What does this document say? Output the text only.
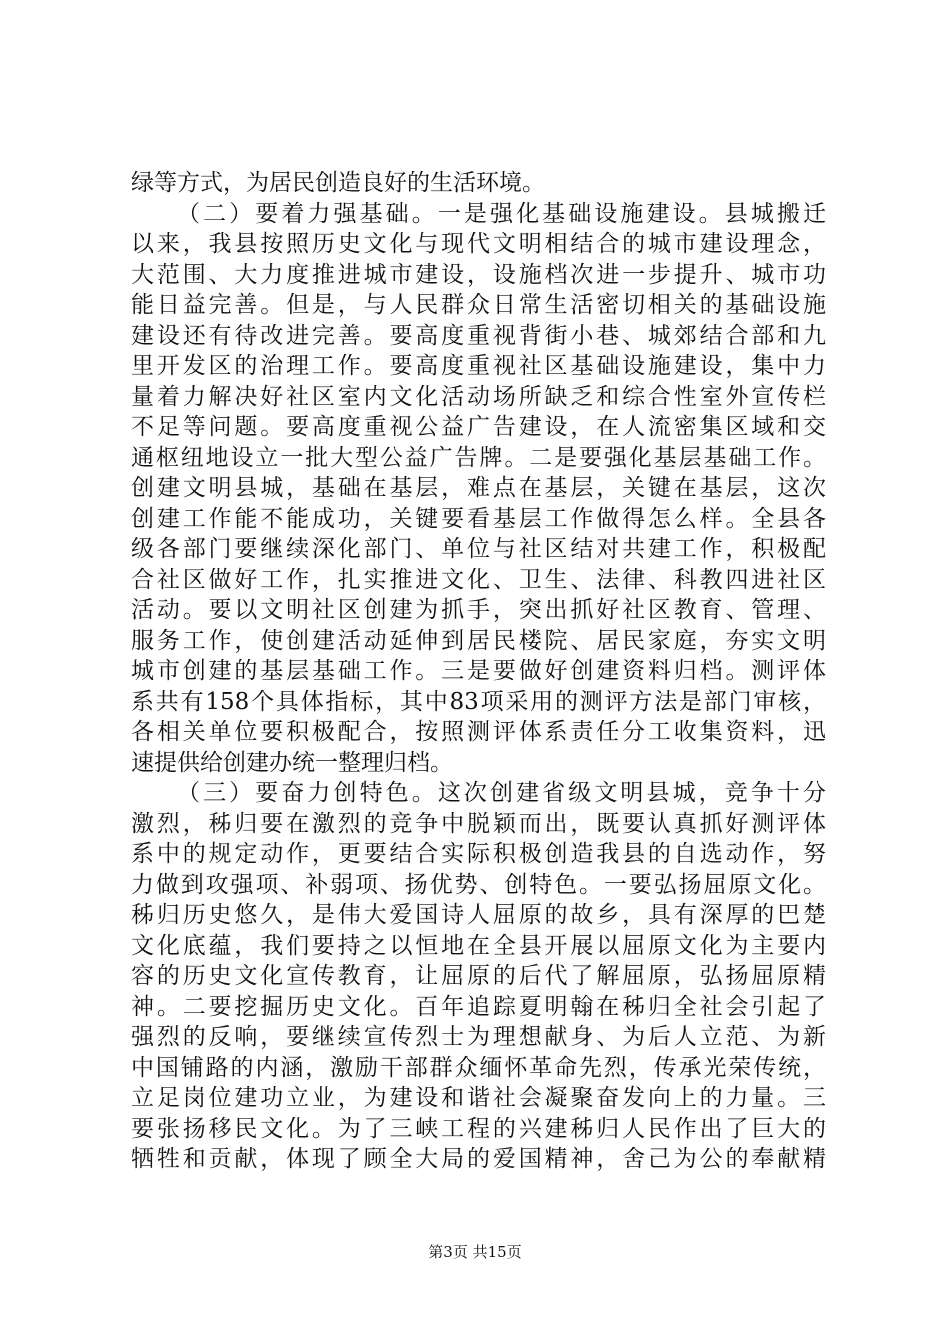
绿等方式，为居民创造良好的生活环境。
（二）要着力强基础。一是强化基础设施建设。县城搬迁
以来，我县按照历史文化与现代文明相结合的城市建设理念，
大范围、大力度推进城市建设，设施档次进一步提升、城市功
能日益完善。但是，与人民群众日常生活密切相关的基础设施
建设还有待改进完善。要高度重视背街小巷、城郊结合部和九
里开发区的治理工作。要高度重视社区基础设施建设，集中力
量着力解决好社区室内文化活动场所缺乏和综合性室外宣传栏
不足等问题。要高度重视公益广告建设，在人流密集区域和交
通枢纽地设立一批大型公益广告牌。二是要强化基层基础工作。
创建文明县城，基础在基层，难点在基层，关键在基层，这次
创建工作能不能成功，关键要看基层工作做得怎么样。全县各
级各部门要继续深化部门、单位与社区结对共建工作，积极配
合社区做好工作，扎实推进文化、卫生、法律、科教四进社区
活动。要以文明社区创建为抓手，突出抓好社区教育、管理、
服务工作，使创建活动延伸到居民楼院、居民家庭，夯实文明
城市创建的基层基础工作。三是要做好创建资料归档。测评体
系共有158个具体指标，其中83项采用的测评方法是部门审核，
各相关单位要积极配合，按照测评体系责任分工收集资料，迅
速提供给创建办统一整理归档。
（三）要奋力创特色。这次创建省级文明县城，竞争十分
激烈，秭归要在激烈的竞争中脱颖而出，既要认真抓好测评体
系中的规定动作，更要结合实际积极创造我县的自选动作，努
力做到攻强项、补弱项、扬优势、创特色。一要弘扬屈原文化。
秭归历史悠久，是伟大爱国诗人屈原的故乡，具有深厚的巴楚
文化底蕴，我们要持之以恒地在全县开展以屈原文化为主要内
容的历史文化宣传教育，让屈原的后代了解屈原，弘扬屈原精
神。二要挖掘历史文化。百年追踪夏明翰在秭归全社会引起了
强烈的反响，要继续宣传烈士为理想献身、为后人立范、为新
中国铺路的内涵，激励干部群众缅怀革命先烈，传承光荣传统，
立足岗位建功立业，为建设和谐社会凝聚奋发向上的力量。三
要张扬移民文化。为了三峡工程的兴建秭归人民作出了巨大的
牺牲和贡献，体现了顾全大局的爱国精神，舍己为公的奉献精
第3页 共15页
